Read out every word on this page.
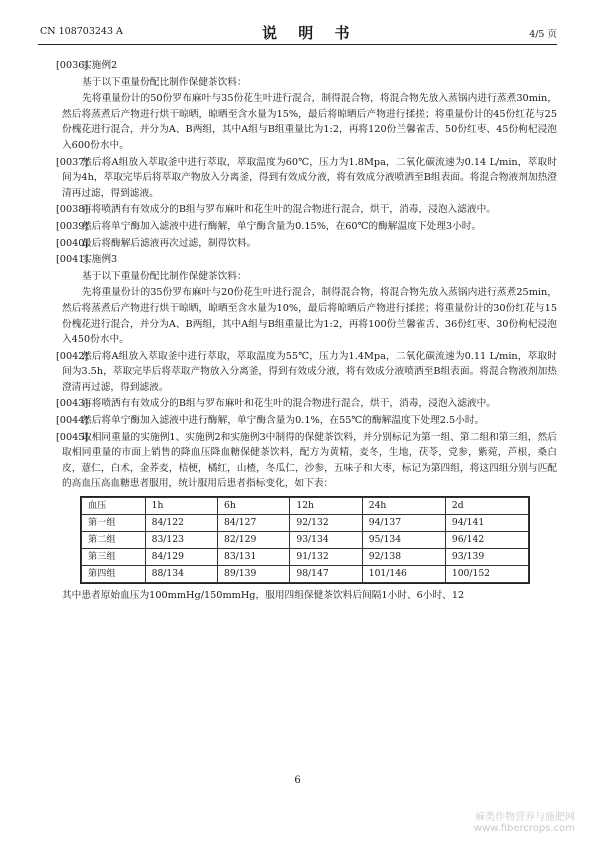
CN 108703243 A	说 明 书	4/5 页
[0036]
实施例2
基于以下重量份配比制作保健茶饮料：
先将重量份计的50份罗布麻叶与35份花生叶进行混合，制得混合物，将混合物先放入蒸锅内进行蒸煮30min，然后将蒸煮后产物进行烘干晾晒，晾晒至含水量为15%，最后将晾晒后产物进行揉搓；将重量份计的45份红花与25份槐花进行混合，并分为A、B两组，其中A组与B组重量比为1:2，再将120份兰馨雀舌、50份红枣、45份枸杞浸泡入600份水中。
[0037]
然后将A组放入萃取釜中进行萃取，萃取温度为60℃，压力为1.8Mpa，二氧化碳流速为0.14 L/min，萃取时间为4h，萃取完毕后将萃取产物放入分离釜，得到有效成分液，将有效成分液喷洒至B组表面。将混合物液剂加热澄清再过滤，得到滤液。
[0038]
再将喷洒有有效成分的B组与罗布麻叶和花生叶的混合物进行混合，烘干，消毒，浸泡入滤液中。
[0039]
然后将单宁酶加入滤液中进行酶解，单宁酶含量为0.15%，在60℃的酶解温度下处理3小时。
[0040]
最后将酶解后滤液再次过滤，制得饮料。
[0041]
实施例3
基于以下重量份配比制作保健茶饮料：
先将重量份计的35份罗布麻叶与20份花生叶进行混合，制得混合物，将混合物先放入蒸锅内进行蒸煮25min，然后将蒸煮后产物进行烘干晾晒，晾晒至含水量为10%，最后将晾晒后产物进行揉搓；将重量份计的30份红花与15份槐花进行混合，并分为A、B两组，其中A组与B组重量比为1:2，再将100份兰馨雀舌、36份红枣、30份枸杞浸泡入450份水中。
[0042]
然后将A组放入萃取釜中进行萃取，萃取温度为55℃，压力为1.4Mpa，二氧化碳流速为0.11 L/min，萃取时间为3.5h，萃取完毕后将萃取产物放入分离釜，得到有效成分液，将有效成分液喷洒至B组表面。将混合物液剂加热澄清再过滤，得到滤液。
[0043]
再将喷洒有有效成分的B组与罗布麻叶和花生叶的混合物进行混合，烘干，消毒，浸泡入滤液中。
[0044]
然后将单宁酶加入滤液中进行酶解，单宁酶含量为0.1%，在55℃的酶解温度下处理2.5小时。
[0045]
取相同重量的实施例1、实施例2和实施例3中制得的保健茶饮料，并分别标记为第一组、第二组和第三组，然后取相同重量的市面上销售的降血压降血糖保健茶饮料，配方为黄精，麦冬，生地，茯苓，党参，紫菀，芦根，桑白皮，薏仁，白术，金荞麦，桔梗，橘红，山楂，冬瓜仁，沙参，五味子和大枣，标记为第四组，将这四组分别与匹配的高血压高血糖患者服用，统计服用后患者指标变化，如下表：
血压	1h	6h	12h	24h	2d
第一组	84/122	84/127	92/132	94/137	94/141
第二组	83/123	82/129	93/134	95/134	96/142
第三组	84/129	83/131	91/132	92/138	93/139
第四组	88/134	89/139	98/147	101/146	100/152

其中患者原始血压为100mmHg/150mmHg，服用四组保健茶饮料后间隔1小时、6小时、12

6
麻类作物营养与施肥网
www.fibercrops.com
